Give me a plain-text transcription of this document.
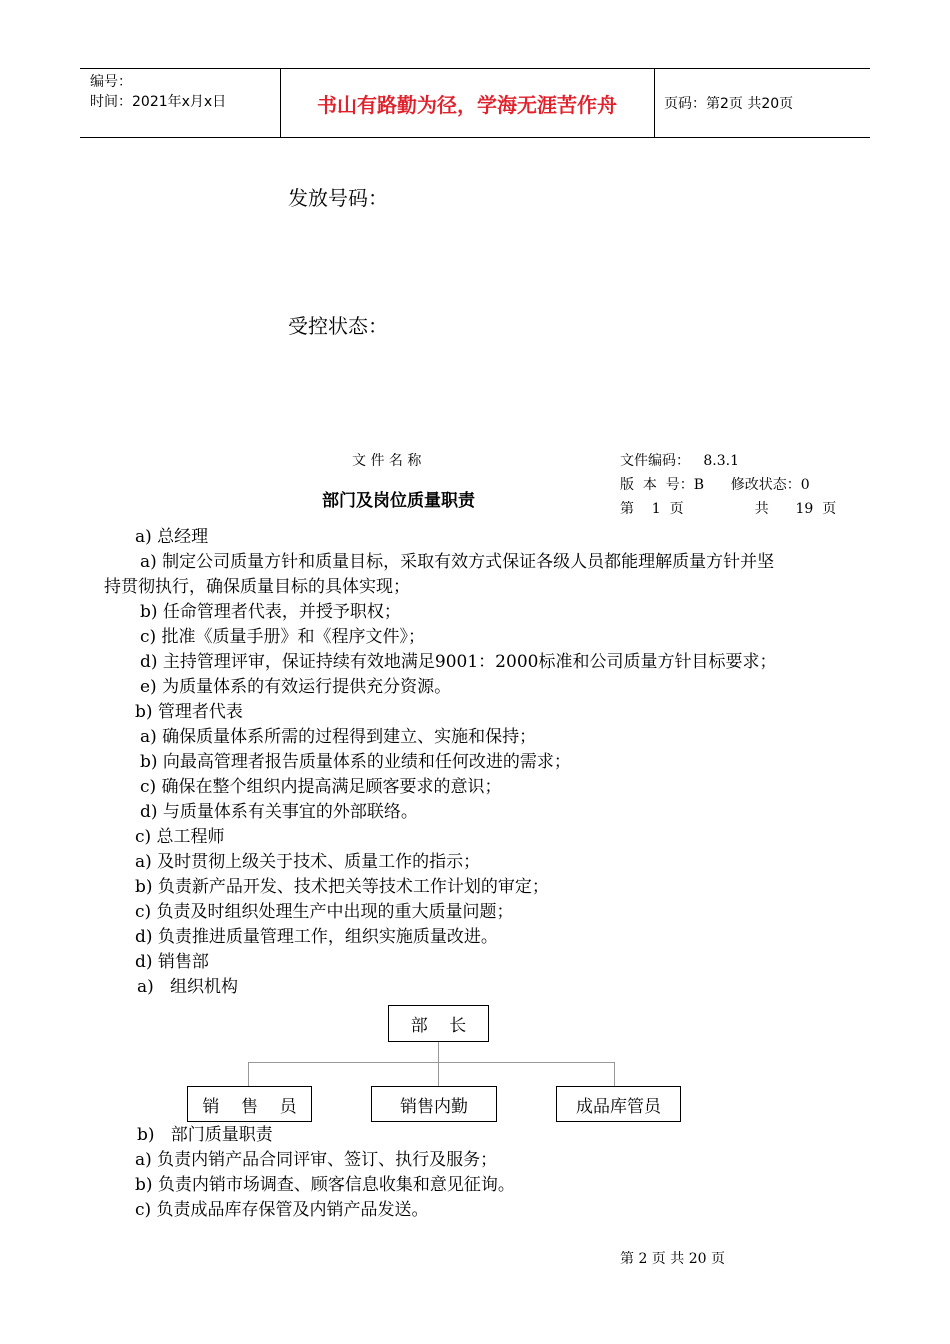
编号：
时间：2021年x月x日	书山有路勤为径，学海无涯苦作舟	页码：第2页 共20页
发放号码：
受控状态：
文 件 名 称
部门及岗位质量职责
文件编码：   8.3.1
版  本  号：B      修改状态：0
第    1  页                共      19  页
a) 总经理
a) 制定公司质量方针和质量目标，采取有效方式保证各级人员都能理解质量方针并坚
持贯彻执行，确保质量目标的具体实现；
b) 任命管理者代表，并授予职权；
c) 批准《质量手册》和《程序文件》；
d) 主持管理评审，保证持续有效地满足9001：2000标准和公司质量方针目标要求；
e) 为质量体系的有效运行提供充分资源。
b) 管理者代表
a) 确保质量体系所需的过程得到建立、实施和保持；
b) 向最高管理者报告质量体系的业绩和任何改进的需求；
c) 确保在整个组织内提高满足顾客要求的意识；
d) 与质量体系有关事宜的外部联络。
c) 总工程师
a) 及时贯彻上级关于技术、质量工作的指示；
b) 负责新产品开发、技术把关等技术工作计划的审定；
c) 负责及时组织处理生产中出现的重大质量问题；
d) 负责推进质量管理工作，组织实施质量改进。
d) 销售部
a)   组织机构
部    长
销    售    员	销售内勤	成品库管员
b)   部门质量职责
a) 负责内销产品合同评审、签订、执行及服务；
b) 负责内销市场调查、顾客信息收集和意见征询。
c) 负责成品库存保管及内销产品发送。
第 2 页 共 20 页
